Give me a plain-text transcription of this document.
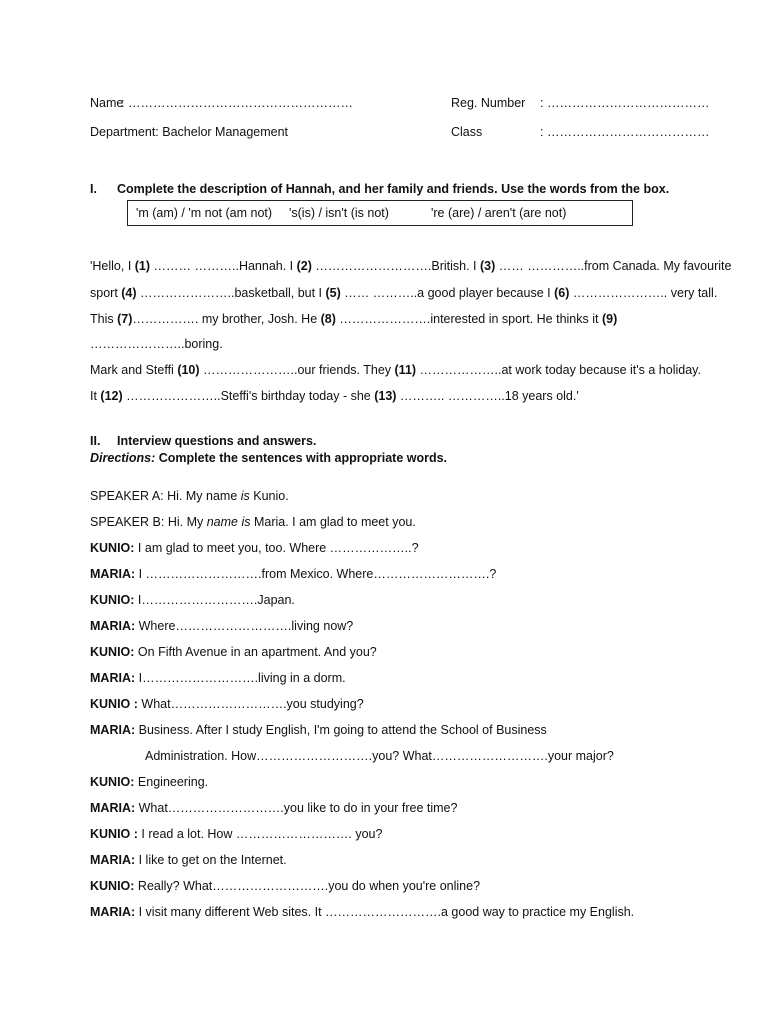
Name
: ………………………………………………	Reg. Number : …………………………………
Department: Bachelor Management	Class	: …………………………………
I. Complete the description of Hannah, and her family and friends. Use the words from the box.
'm (am) / 'm not (am not) 's(is) / isn't (is not)	're (are) / aren't (are not)
'Hello, I (1) ……… ………..Hannah. I (2) ……………………….British. I (3) …… …………..from Canada. My favourite
sport (4) …………………..basketball, but I (5) …… ………..a good player because I (6) ………………….. very tall.
This (7)……………. my brother, Josh. He (8) ………………….interested in sport. He thinks it (9)
…………………..boring.
Mark and Steffi (10) …………………..our friends. They (11) ………………..at work today because it's a holiday.
It (12) …………………..Steffi's birthday today - she (13) ……….. …………..18 years old.'
II. Interview questions and answers.
Directions: Complete the sentences with appropriate words.
SPEAKER A: Hi. My name is Kunio.
SPEAKER B: Hi. My name is Maria. I am glad to meet you.
KUNIO: I am glad to meet you, too. Where ………………..?
MARIA: I ……………………….from Mexico. Where……………………….?
KUNIO: I……………………….Japan.
MARIA: Where……………………….living now?
KUNIO: On Fifth Avenue in an apartment. And you?
MARIA: I……………………….living in a dorm.
KUNIO : What……………………….you studying?
MARIA: Business. After I study English, I'm going to attend the School of Business
Administration. How……………………….you? What……………………….your major?
KUNIO: Engineering.
MARIA: What……………………….you like to do in your free time?
KUNIO : I read a lot. How ………………………. you?
MARIA: I like to get on the Internet.
KUNIO: Really? What……………………….you do when you're online?
MARIA: I visit many different Web sites. It ……………………….a good way to practice my English.
